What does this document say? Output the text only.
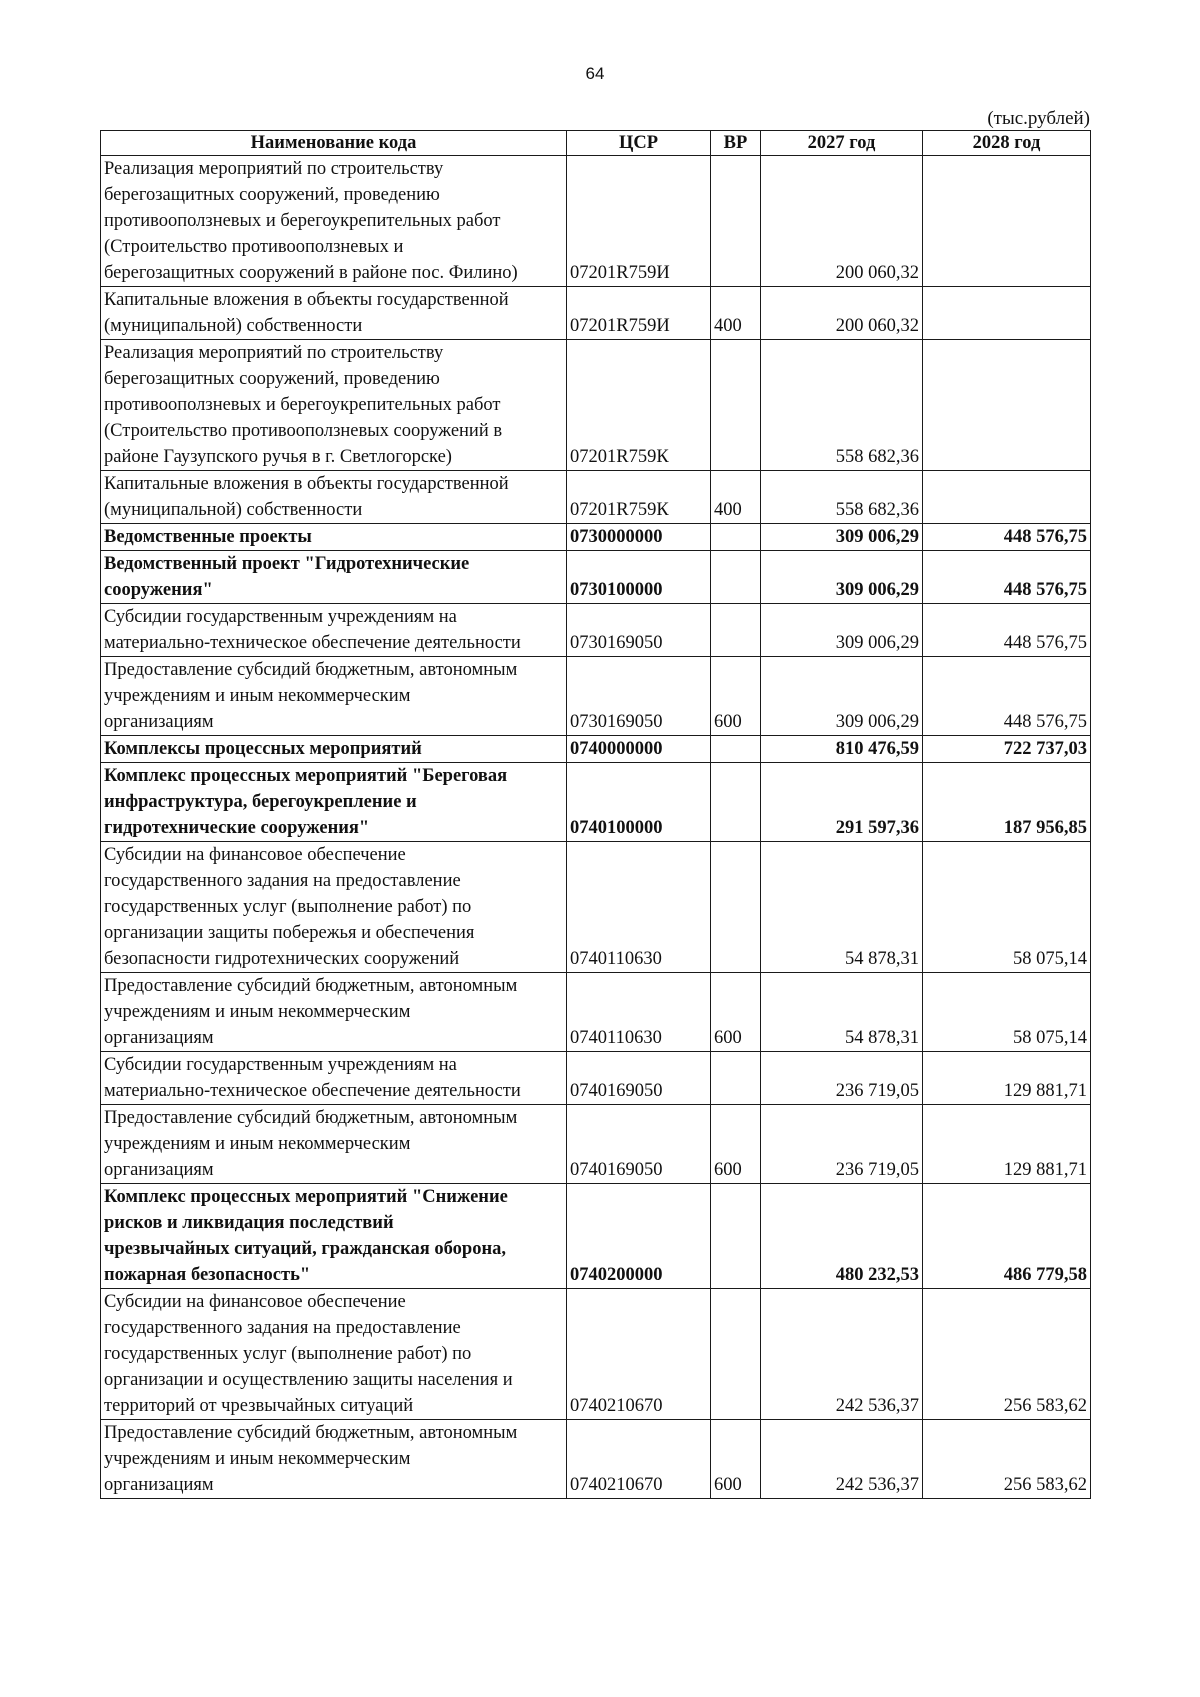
64
(тыс.рублей)
Наименование кода	ЦСР	ВР	2027 год	2028 год
Реализация мероприятий по строительству
берегозащитных сооружений, проведению
противооползневых и берегоукрепительных работ
(Строительство противооползневых и
берегозащитных сооружений в районе пос. Филино)	07201R759И		200 060,32	
Капитальные вложения в объекты государственной
(муниципальной) собственности	07201R759И	400	200 060,32	
Реализация мероприятий по строительству
берегозащитных сооружений, проведению
противооползневых и берегоукрепительных работ
(Строительство противооползневых сооружений в
районе Гаузупского ручья в г. Светлогорске)	07201R759К		558 682,36	
Капитальные вложения в объекты государственной
(муниципальной) собственности	07201R759К	400	558 682,36	
Ведомственные проекты	0730000000		309 006,29	448 576,75
Ведомственный проект "Гидротехнические
сооружения"	0730100000		309 006,29	448 576,75
Субсидии государственным учреждениям на
материально-техническое обеспечение деятельности	0730169050		309 006,29	448 576,75
Предоставление субсидий бюджетным, автономным
учреждениям и иным некоммерческим
организациям	0730169050	600	309 006,29	448 576,75
Комплексы процессных мероприятий	0740000000		810 476,59	722 737,03
Комплекс процессных мероприятий "Береговая
инфраструктура, берегоукрепление и
гидротехнические сооружения"	0740100000		291 597,36	187 956,85
Субсидии на финансовое обеспечение
государственного задания на предоставление
государственных услуг (выполнение работ) по
организации защиты побережья и обеспечения
безопасности гидротехнических сооружений	0740110630		54 878,31	58 075,14
Предоставление субсидий бюджетным, автономным
учреждениям и иным некоммерческим
организациям	0740110630	600	54 878,31	58 075,14
Субсидии государственным учреждениям на
материально-техническое обеспечение деятельности	0740169050		236 719,05	129 881,71
Предоставление субсидий бюджетным, автономным
учреждениям и иным некоммерческим
организациям	0740169050	600	236 719,05	129 881,71
Комплекс процессных мероприятий "Снижение
рисков и ликвидация последствий
чрезвычайных ситуаций, гражданская оборона,
пожарная безопасность"	0740200000		480 232,53	486 779,58
Субсидии на финансовое обеспечение
государственного задания на предоставление
государственных услуг (выполнение работ) по
организации и осуществлению защиты населения и
территорий от чрезвычайных ситуаций	0740210670		242 536,37	256 583,62
Предоставление субсидий бюджетным, автономным
учреждениям и иным некоммерческим
организациям	0740210670	600	242 536,37	256 583,62
